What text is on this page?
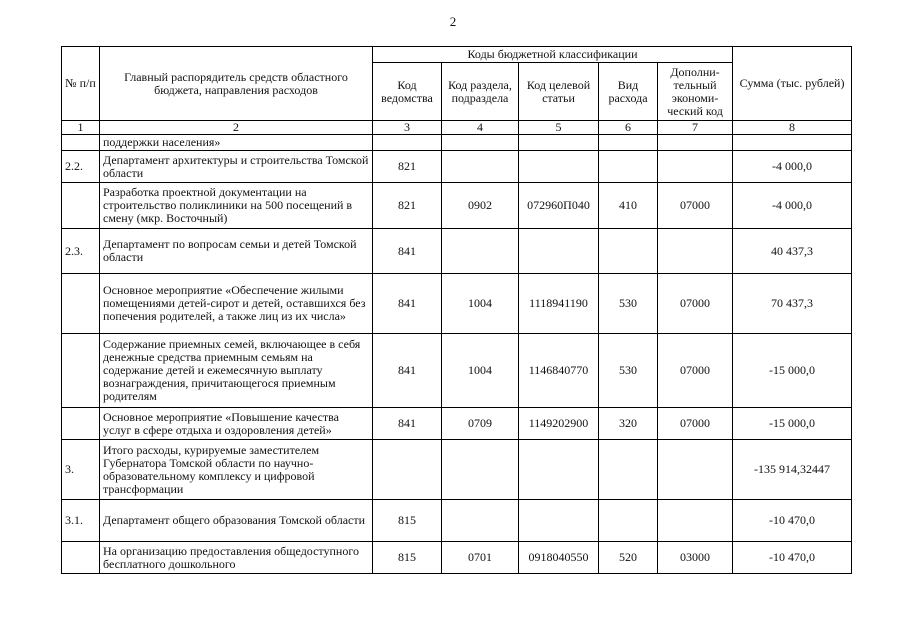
2
№ п/п	Главный распорядитель средств областного бюджета, направления расходов	Коды бюджетной классификации					Сумма (тыс. рублей)
		Код ведомства	Код раздела, подраздела	Код целевой статьи	Вид расхода	Дополни-тельный экономи-ческий код	
1	2	3	4	5	6	7	8
	поддержки населения»						
2.2.	Департамент архитектуры и строительства Томской области	821					-4 000,0
	Разработка проектной документации на строительство поликлиники на 500 посещений в смену (мкр. Восточный)	821	0902	072960П040	410	07000	-4 000,0
2.3.	Департамент по вопросам семьи и детей Томской области	841					40 437,3
	Основное мероприятие «Обеспечение жилыми помещениями детей-сирот и детей, оставшихся без попечения родителей, а также лиц из их числа»	841	1004	1118941190	530	07000	70 437,3
	Содержание приемных семей, включающее в себя денежные средства приемным семьям на содержание детей и ежемесячную выплату вознаграждения, причитающегося приемным родителям	841	1004	1146840770	530	07000	-15 000,0
	Основное мероприятие «Повышение качества услуг в сфере отдыха и оздоровления детей»	841	0709	1149202900	320	07000	-15 000,0
3.	Итого расходы, курируемые заместителем Губернатора Томской области по научно-образовательному комплексу и цифровой трансформации						-135 914,32447
3.1.	Департамент общего образования Томской области	815					-10 470,0
	На организацию предоставления общедоступного бесплатного дошкольного	815	0701	0918040550	520	03000	-10 470,0
